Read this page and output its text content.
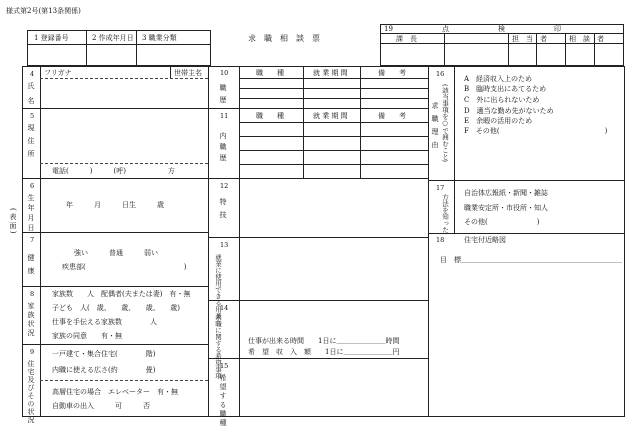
様式第2号(第13条関係)
1 登録番号	2 作成年月日 3 職業分類	求　職　相　談　票
19	点　　　　　　　検　　　　　　　印
課　長	担　当　者	相　談　者
4
氏名
フリガナ	世帯主名
5
現住所
電話(　　　)　　　(呼)　　　　　　方
(表面)
6
生年月日	年　　　月　　　日生　　　歳
7
健康
強い　　　普通　　　弱い
疾患部(　　　　　　　　　　　　　　)
8
家族状況
家族数　　人　配偶者(夫または妻)　有・無
子ども　人(　歳、　　歳、　　歳、　　歳)
仕事を手伝える家族数　　　　人
家族の同意　　有・無
9
住宅及びその状況
一戸建て・集合住宅(　　　　階)
内職に使える広さ(約　　　　畳)
高層住宅の場合　エレベーター　有・無
自動車の出入　　　可　　　否
10
職歴
職　　種	就 業 期 間	備　　考
11
内職歴
職　　種	就 業 期 間	備　　考
12
特技
13
就業に使用できる用具
14
求職に関する希望事項	仕事が出来る時間　　1日に＿＿＿＿＿＿＿時間
希　望　収　入　額　　1日に＿＿＿＿＿＿＿円
15
希望する職種
16
(該当事項を○で囲むこと)
求職理由
A　経済収入上のため
B　臨時支出にあてるため
C　外に出られないため
D　適当な勤め先がないため
E　余暇の活用のため
F　その他(　　　　　　　　　　　　　　　)
17
方法を知った
自治体広報紙・新聞・雑誌
職業安定所・市役所・知人
その他(　　　　　　　)
18	住宅付近略図
目　標＿＿＿＿＿＿＿＿＿＿＿＿＿＿＿＿＿＿＿＿＿＿＿
